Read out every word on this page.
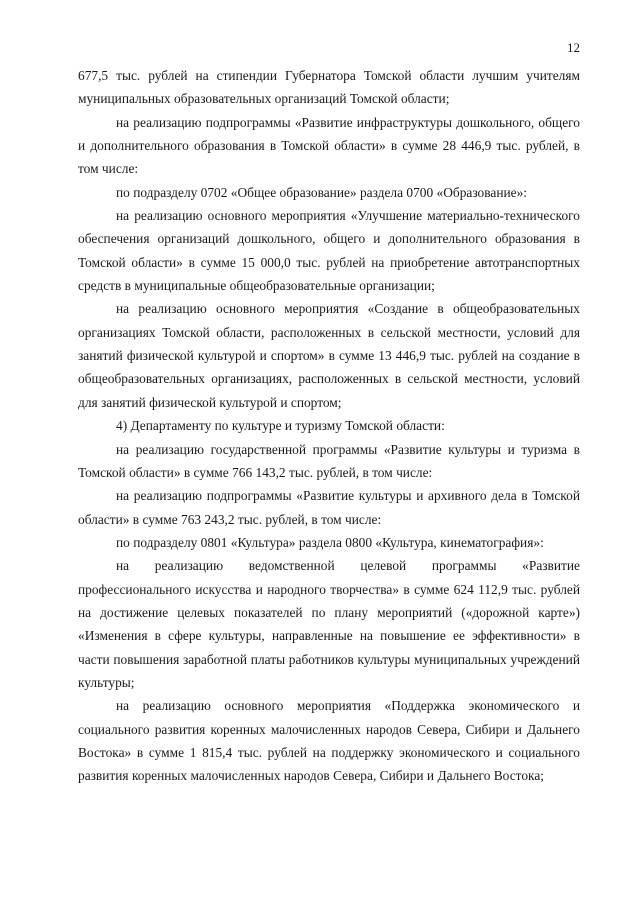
12

677,5 тыс. рублей на стипендии Губернатора Томской области лучшим учителям муниципальных образовательных организаций Томской области;

на реализацию подпрограммы «Развитие инфраструктуры дошкольного, общего и дополнительного образования в Томской области» в сумме 28 446,9 тыс. рублей, в том числе:

по подразделу 0702 «Общее образование» раздела 0700 «Образование»:

на реализацию основного мероприятия «Улучшение материально-технического обеспечения организаций дошкольного, общего и дополнительного образования в Томской области» в сумме 15 000,0 тыс. рублей на приобретение автотранспортных средств в муниципальные общеобразовательные организации;

на реализацию основного мероприятия «Создание в общеобразовательных организациях Томской области, расположенных в сельской местности, условий для занятий физической культурой и спортом» в сумме 13 446,9 тыс. рублей на создание в общеобразовательных организациях, расположенных в сельской местности, условий для занятий физической культурой и спортом;

4) Департаменту по культуре и туризму Томской области:

на реализацию государственной программы «Развитие культуры и туризма в Томской области» в сумме 766 143,2 тыс. рублей, в том числе:

на реализацию подпрограммы «Развитие культуры и архивного дела в Томской области» в сумме 763 243,2 тыс. рублей, в том числе:

по подразделу 0801 «Культура» раздела 0800 «Культура, кинематография»:

на реализацию ведомственной целевой программы «Развитие профессионального искусства и народного творчества» в сумме 624 112,9 тыс. рублей на достижение целевых показателей по плану мероприятий («дорожной карте») «Изменения в сфере культуры, направленные на повышение ее эффективности» в части повышения заработной платы работников культуры муниципальных учреждений культуры;

на реализацию основного мероприятия «Поддержка экономического и социального развития коренных малочисленных народов Севера, Сибири и Дальнего Востока» в сумме 1 815,4 тыс. рублей на поддержку экономического и социального развития коренных малочисленных народов Севера, Сибири и Дальнего Востока;
